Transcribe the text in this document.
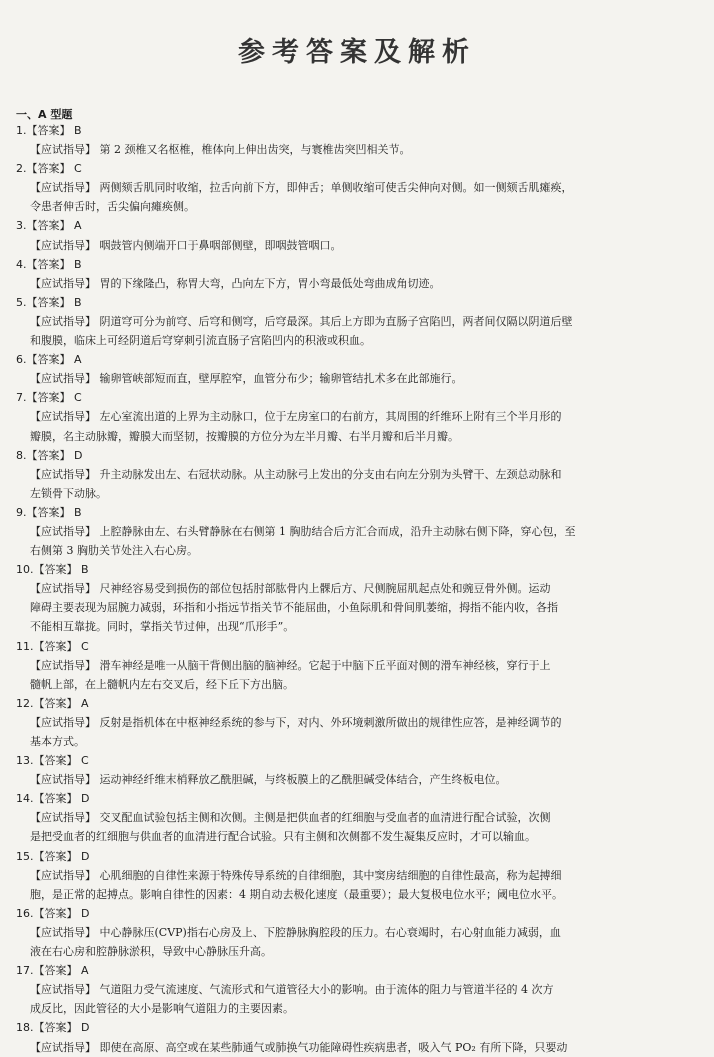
参考答案及解析
一、A 型题
1.【答案】 B
【应试指导】 第 2 颈椎又名枢椎，椎体向上伸出齿突，与寰椎齿突凹相关节。
2.【答案】 C
【应试指导】 两侧颏舌肌同时收缩，拉舌向前下方，即伸舌；单侧收缩可使舌尖伸向对侧。如一侧颏舌肌瘫痪，
令患者伸舌时，舌尖偏向瘫痪侧。
3.【答案】 A
【应试指导】 咽鼓管内侧端开口于鼻咽部侧壁，即咽鼓管咽口。
4.【答案】 B
【应试指导】 胃的下缘隆凸，称胃大弯，凸向左下方，胃小弯最低处弯曲成角切迹。
5.【答案】 B
【应试指导】 阴道穹可分为前穹、后穹和侧穹，后穹最深。其后上方即为直肠子宫陷凹，两者间仅隔以阴道后壁
和腹膜，临床上可经阴道后穹穿刺引流直肠子宫陷凹内的积液或积血。
6.【答案】 A
【应试指导】 输卵管峡部短而直，壁厚腔窄，血管分布少；输卵管结扎术多在此部施行。
7.【答案】 C
【应试指导】 左心室流出道的上界为主动脉口，位于左房室口的右前方，其周围的纤维环上附有三个半月形的
瓣膜，名主动脉瓣，瓣膜大而坚韧，按瓣膜的方位分为左半月瓣、右半月瓣和后半月瓣。
8.【答案】 D
【应试指导】 升主动脉发出左、右冠状动脉。从主动脉弓上发出的分支由右向左分别为头臂干、左颈总动脉和
左锁骨下动脉。
9.【答案】 B
【应试指导】 上腔静脉由左、右头臂静脉在右侧第 1 胸肋结合后方汇合而成，沿升主动脉右侧下降，穿心包，至
右侧第 3 胸肋关节处注入右心房。
10.【答案】 B
【应试指导】 尺神经容易受到损伤的部位包括肘部肱骨内上髁后方、尺侧腕屈肌起点处和豌豆骨外侧。运动
障碍主要表现为屈腕力减弱，环指和小指远节指关节不能屈曲，小鱼际肌和骨间肌萎缩，拇指不能内收，各指
不能相互靠拢。同时，掌指关节过伸，出现“爪形手”。
11.【答案】 C
【应试指导】 滑车神经是唯一从脑干背侧出脑的脑神经。它起于中脑下丘平面对侧的滑车神经核，穿行于上
髓帆上部，在上髓帆内左右交叉后，经下丘下方出脑。
12.【答案】 A
【应试指导】 反射是指机体在中枢神经系统的参与下，对内、外环境刺激所做出的规律性应答，是神经调节的
基本方式。
13.【答案】 C
【应试指导】 运动神经纤维末梢释放乙酰胆碱，与终板膜上的乙酰胆碱受体结合，产生终板电位。
14.【答案】 D
【应试指导】 交叉配血试验包括主侧和次侧。主侧是把供血者的红细胞与受血者的血清进行配合试验，次侧
是把受血者的红细胞与供血者的血清进行配合试验。只有主侧和次侧都不发生凝集反应时，才可以输血。
15.【答案】 D
【应试指导】 心肌细胞的自律性来源于特殊传导系统的自律细胞，其中窦房结细胞的自律性最高，称为起搏细
胞，是正常的起搏点。影响自律性的因素：4 期自动去极化速度（最重要）；最大复极电位水平；阈电位水平。
16.【答案】 D
【应试指导】 中心静脉压(CVP)指右心房及上、下腔静脉胸腔段的压力。右心衰竭时，右心射血能力减弱，血
液在右心房和腔静脉淤积，导致中心静脉压升高。
17.【答案】 A
【应试指导】 气道阻力受气流速度、气流形式和气道管径大小的影响。由于流体的阻力与管道半径的 4 次方
成反比，因此管径的大小是影响气道阻力的主要因素。
18.【答案】 D
【应试指导】 即使在高原、高空或在某些肺通气或肺换气功能障碍性疾病患者，吸入气 PO₂ 有所下降，只要动
